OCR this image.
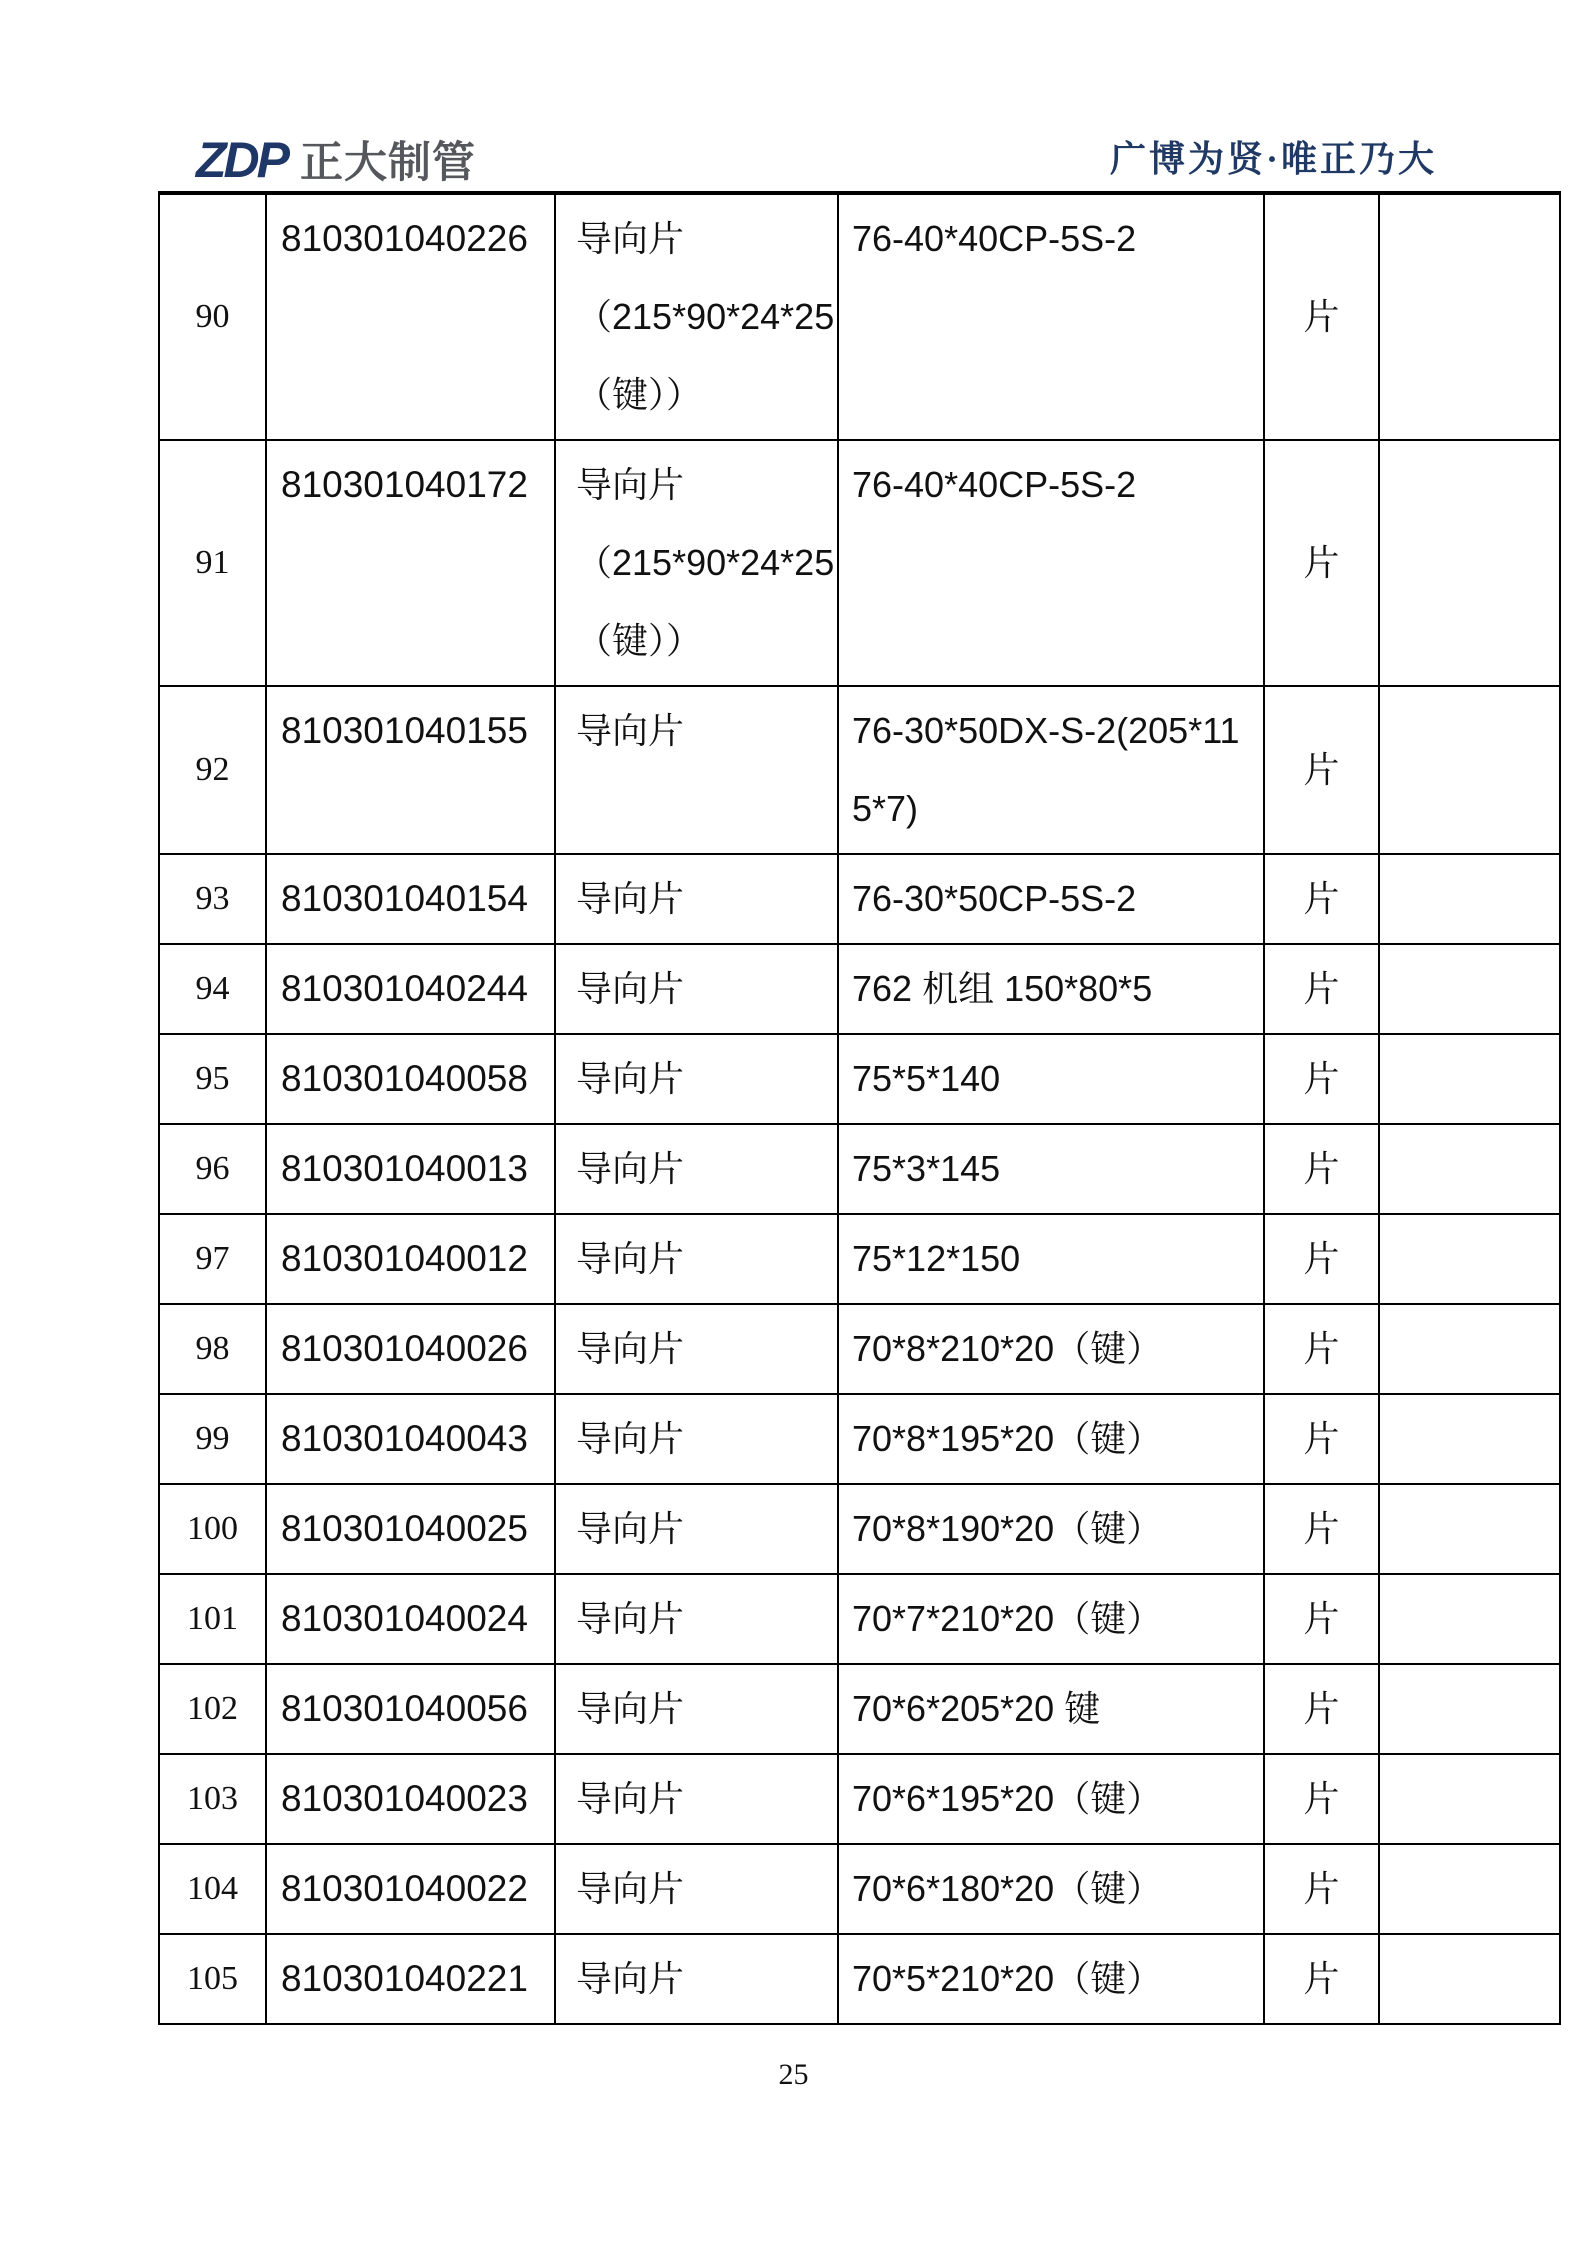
ZDP 正大制管	广博为贤·唯正乃大
90	810301040226	导向片（215*90*24*25（键））	76-40*40CP-5S-2	片	
91	810301040172	导向片（215*90*24*25（键））	76-40*40CP-5S-2	片	
92	810301040155	导向片	76-30*50DX-S-2(205*115*7)	片	
93	810301040154	导向片	76-30*50CP-5S-2	片	
94	810301040244	导向片	762 机组 150*80*5	片	
95	810301040058	导向片	75*5*140	片	
96	810301040013	导向片	75*3*145	片	
97	810301040012	导向片	75*12*150	片	
98	810301040026	导向片	70*8*210*20（键）	片	
99	810301040043	导向片	70*8*195*20（键）	片	
100	810301040025	导向片	70*8*190*20（键）	片	
101	810301040024	导向片	70*7*210*20（键）	片	
102	810301040056	导向片	70*6*205*20 键	片	
103	810301040023	导向片	70*6*195*20（键）	片	
104	810301040022	导向片	70*6*180*20（键）	片	
105	810301040221	导向片	70*5*210*20（键）	片	
25
